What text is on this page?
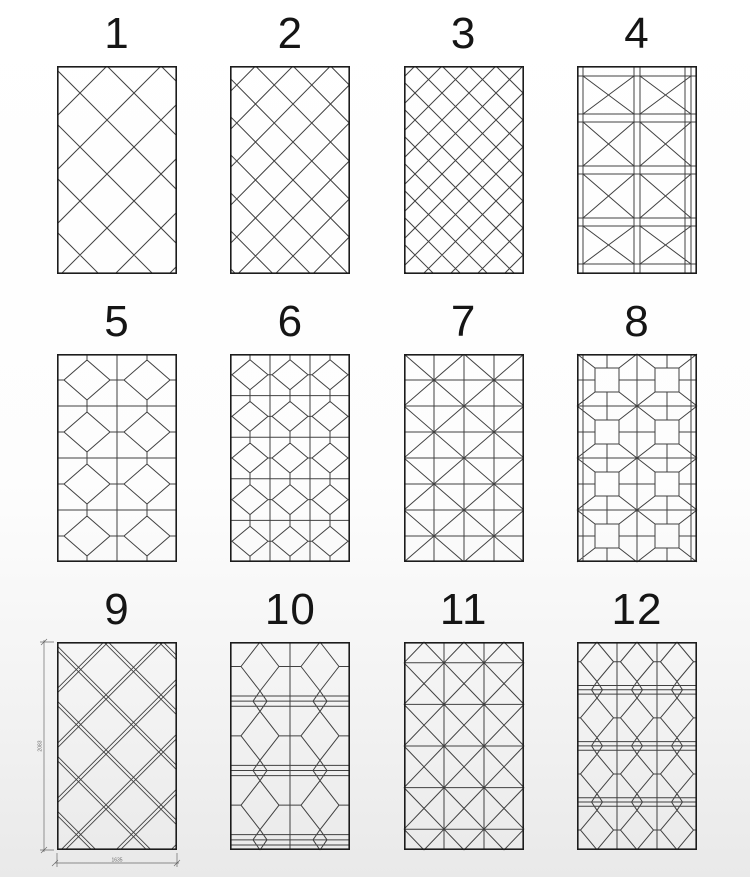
1	2	3	4
5	6	7	8
9
2083
1635
10	11	12
